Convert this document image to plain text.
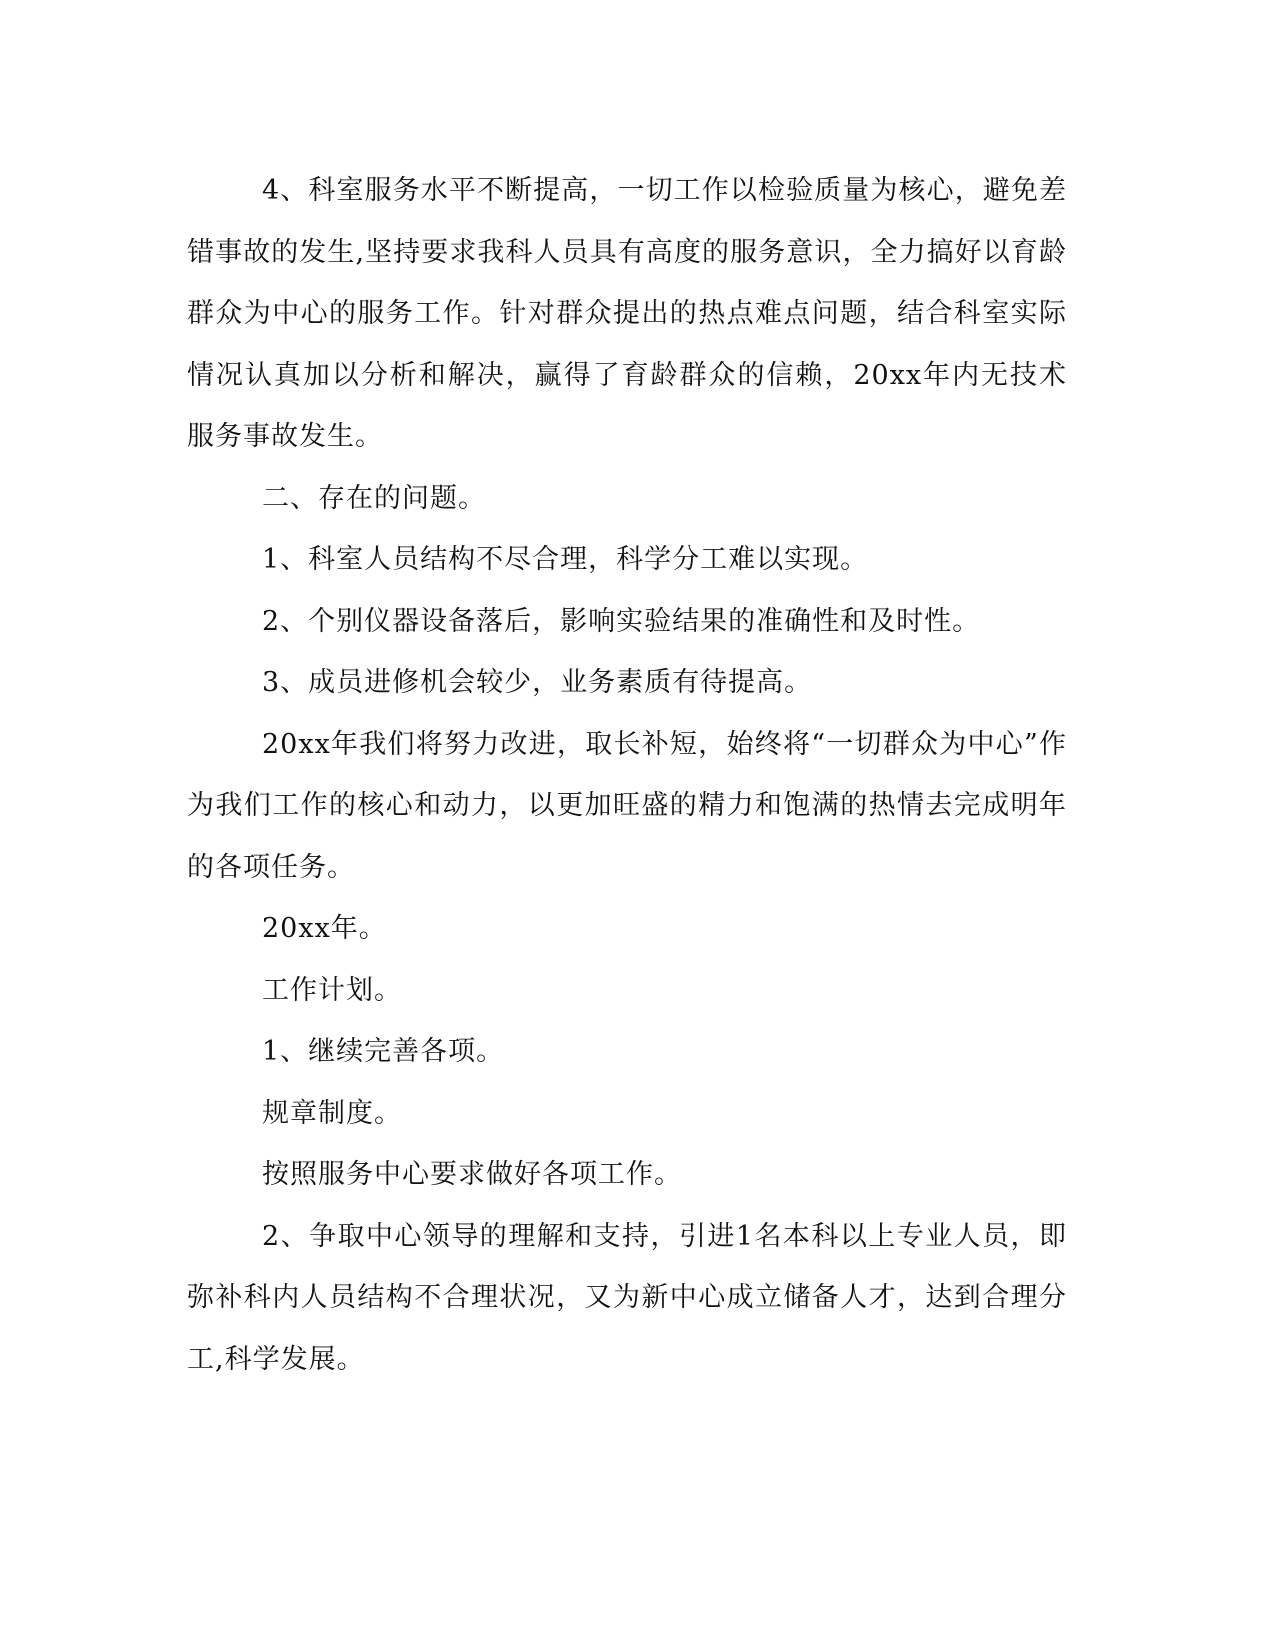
4、科室服务水平不断提高，一切工作以检验质量为核心，避免差错事故的发生,坚持要求我科人员具有高度的服务意识，全力搞好以育龄群众为中心的服务工作。针对群众提出的热点难点问题，结合科室实际情况认真加以分析和解决，赢得了育龄群众的信赖，20xx年内无技术服务事故发生。

二、存在的问题。

1、科室人员结构不尽合理，科学分工难以实现。

2、个别仪器设备落后，影响实验结果的准确性和及时性。

3、成员进修机会较少，业务素质有待提高。

20xx年我们将努力改进，取长补短，始终将“一切群众为中心”作为我们工作的核心和动力，以更加旺盛的精力和饱满的热情去完成明年的各项任务。

20xx年。

工作计划。

1、继续完善各项。

规章制度。

按照服务中心要求做好各项工作。

2、争取中心领导的理解和支持，引进1名本科以上专业人员，即弥补科内人员结构不合理状况，又为新中心成立储备人才，达到合理分工,科学发展。
